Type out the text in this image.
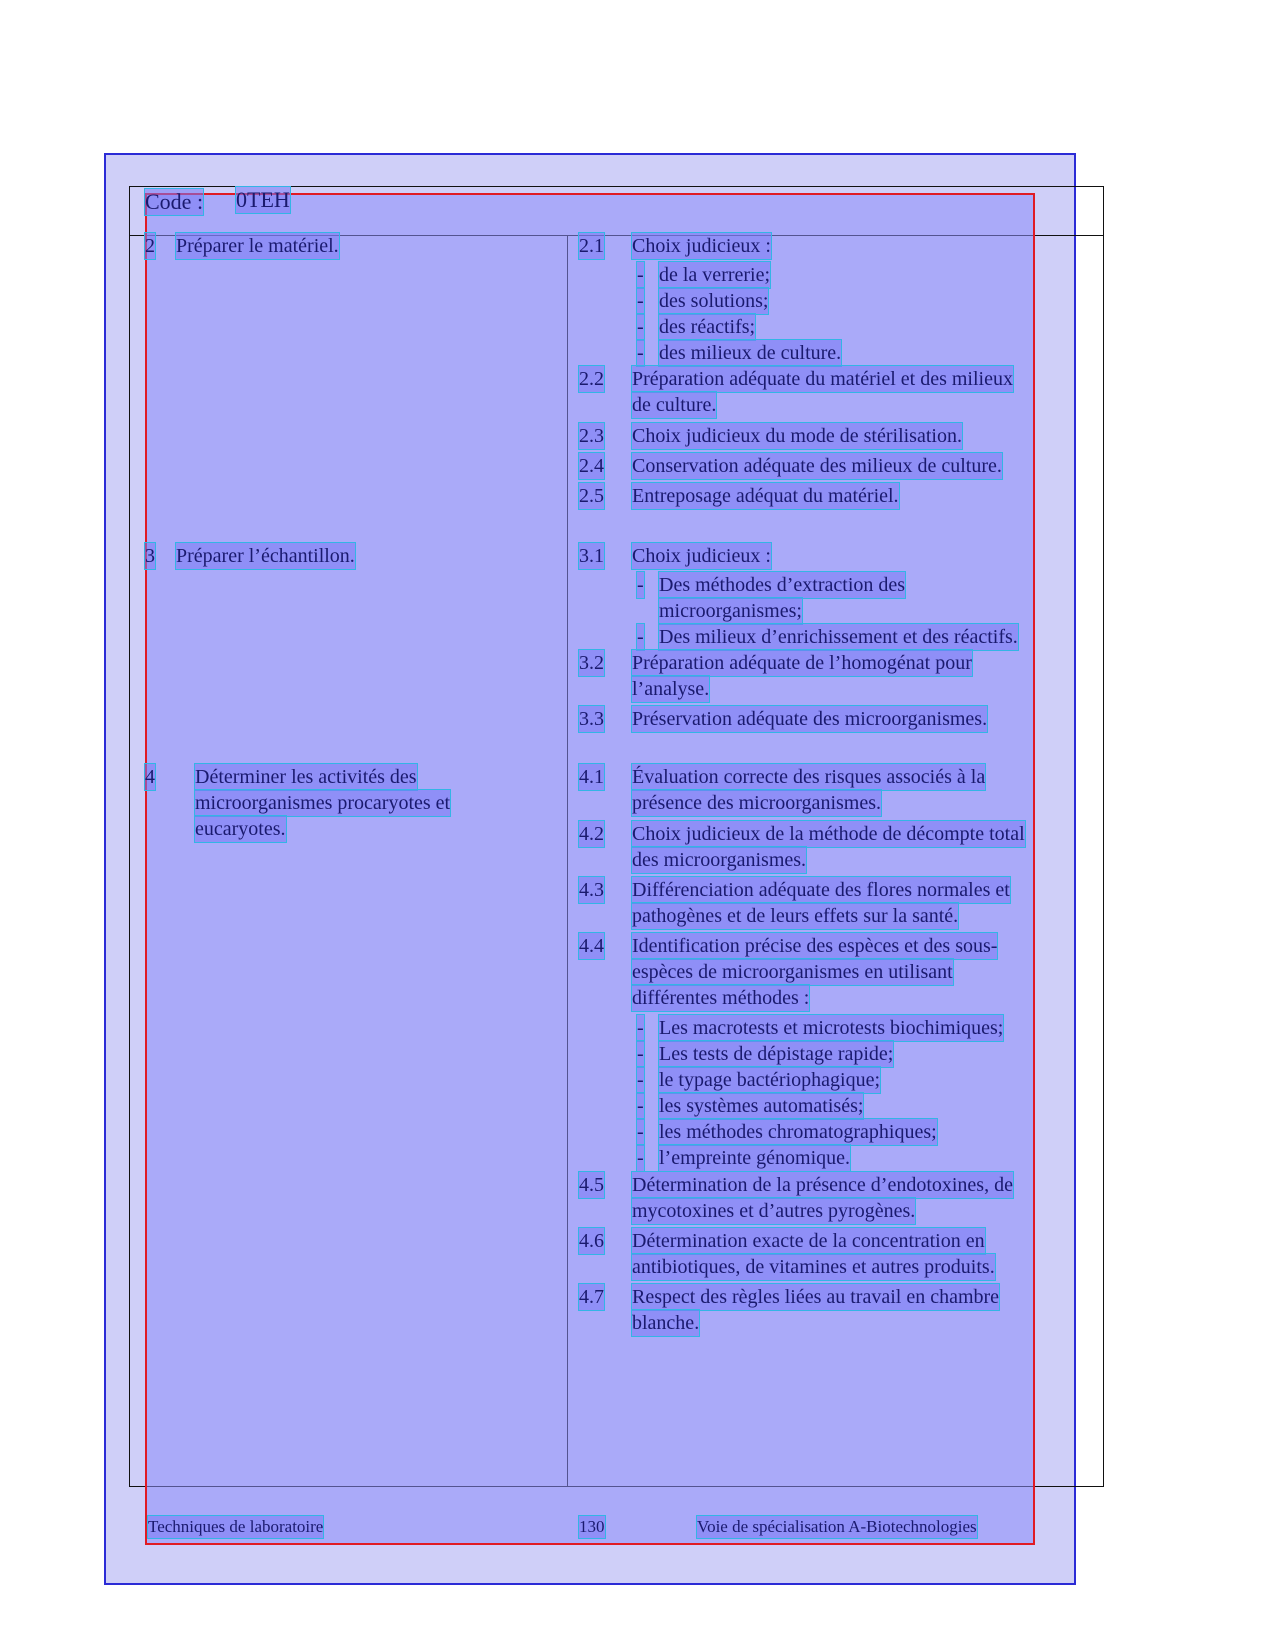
Code : 0TEH
2 Préparer le matériel.
3 Préparer l’échantillon.
4 Déterminer les activités des
microorganismes procaryotes et
eucaryotes.
2.1 Choix judicieux :
- de la verrerie;
- des solutions;
- des réactifs;
- des milieux de culture.
2.2 Préparation adéquate du matériel et des milieux
de culture.
2.3 Choix judicieux du mode de stérilisation.
2.4 Conservation adéquate des milieux de culture.
2.5 Entreposage adéquat du matériel.
3.1 Choix judicieux :
- Des méthodes d’extraction des
microorganismes;
- Des milieux d’enrichissement et des réactifs.
3.2 Préparation adéquate de l’homogénat pour
l’analyse.
3.3 Préservation adéquate des microorganismes.
4.1 Évaluation correcte des risques associés à la
présence des microorganismes.
4.2 Choix judicieux de la méthode de décompte total
des microorganismes.
4.3 Différenciation adéquate des flores normales et
pathogènes et de leurs effets sur la santé.
4.4 Identification précise des espèces et des sous-
espèces de microorganismes en utilisant
différentes méthodes :
- Les macrotests et microtests biochimiques;
- Les tests de dépistage rapide;
- le typage bactériophagique;
- les systèmes automatisés;
- les méthodes chromatographiques;
- l’empreinte génomique.
4.5 Détermination de la présence d’endotoxines, de
mycotoxines et d’autres pyrogènes.
4.6 Détermination exacte de la concentration en
antibiotiques, de vitamines et autres produits.
4.7 Respect des règles liées au travail en chambre
blanche.
Techniques de laboratoire	130	Voie de spécialisation A-Biotechnologies
